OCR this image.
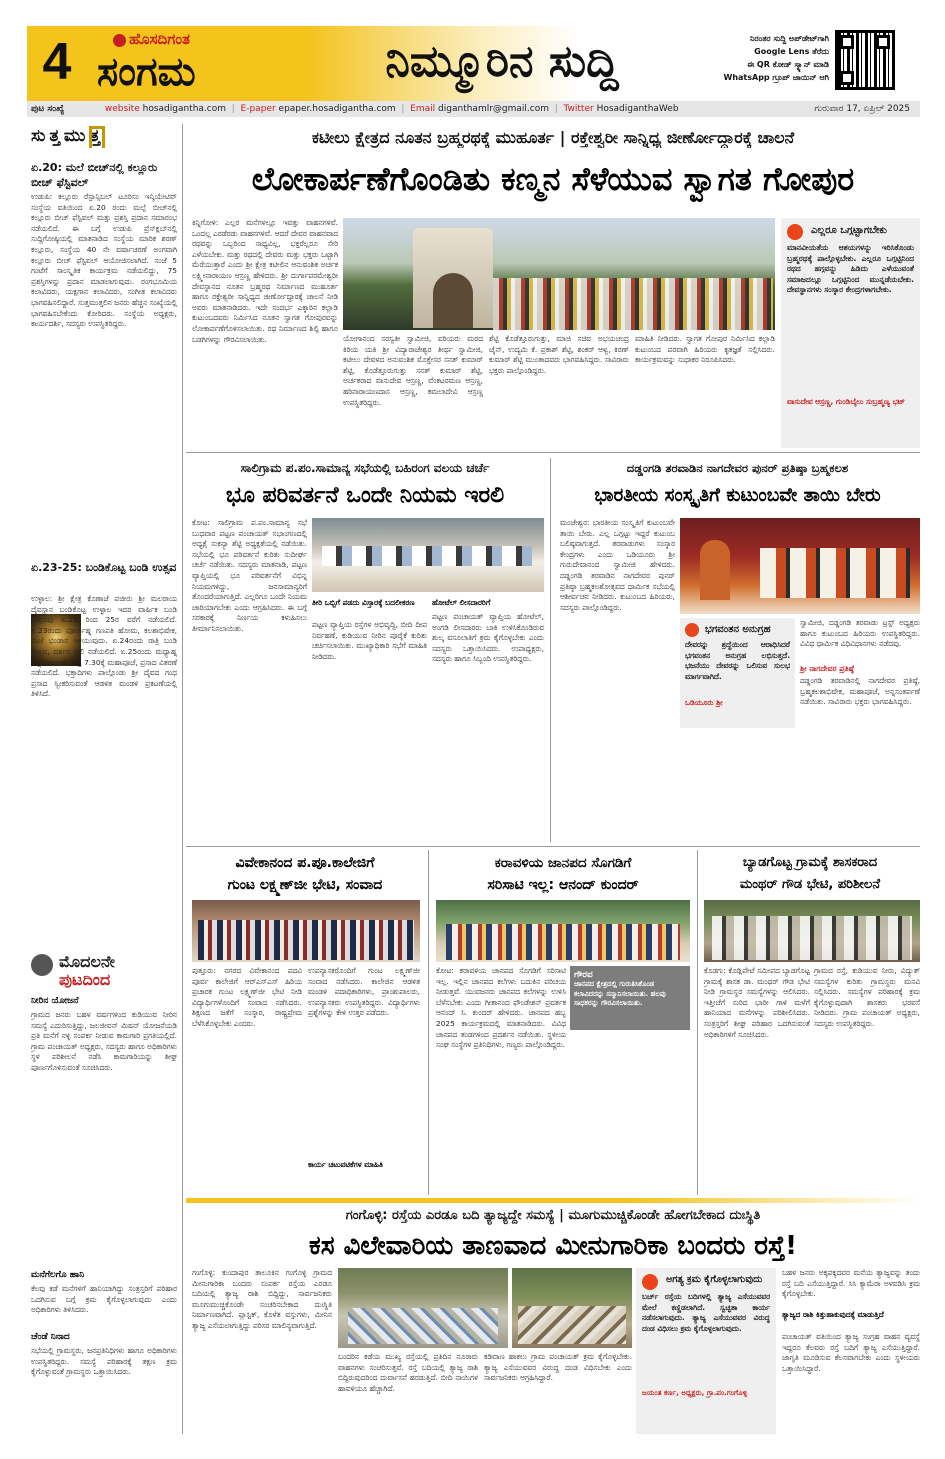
4	ಹೊಸದಿಗಂತ
ಸಂಗಮ	ನಿಮ್ಮೂರಿನ ಸುದ್ದಿ	ನಿರಂತರ ಸುದ್ದಿ ಅಪ್‌ಡೇಟ್‌ಗಾಗಿ
Google Lens ತೆರೆದು
ಈ QR ಕೋಡ್ ಸ್ಕ್ಯಾನ್ ಮಾಡಿ
WhatsApp ಗ್ರೂಪ್ ಜಾಯಿನ್ ಆಗಿ
ಪುಟ ಸಂಖ್ಯೆ	website hosadigantha.com  |  E-paper epaper.hosadigantha.com  |  Email diganthamlr@gmail.com  |  Twitter HosadiganthaWeb	ಗುರುವಾರ 17, ಏಪ್ರಿಲ್ 2025
ಸುತ್ತಮುತ್ತ
ಏ.20: ಮಲೆ ಬೀಚ್‌ನಲ್ಲಿ ಕಲ್ಲೂರು ಬೀಚ್ ಫೆಸ್ಟಿವಲ್
ಉಡುಪಿ: ಕಲ್ಲೂರು ರೆಸ್ಪಾನ್ಸಿಬಲ್ ಟೂರಿಸಂ ಇನ್ಶಿಯೇಟಿವ್ ಸಂಸ್ಥೆಯ ವತಿಯಿಂದ ಏ.20 ರಂದು ಮಲ್ಪೆ ಬೀಚ್‌ನಲ್ಲಿ ಕಲ್ಲೂರು ಬೀಚ್ ಫೆಸ್ಟಿವಲ್ ಮತ್ತು ಪ್ರಶಸ್ತಿ ಪ್ರದಾನ ಸಮಾರಂಭ ನಡೆಯಲಿದೆ. ಈ ಬಗ್ಗೆ ಉಡುಪಿ ಪ್ರೆಸ್‌ಕ್ಲಬ್‌ನಲ್ಲಿ ಸುದ್ದಿಗೋಷ್ಠಿಯಲ್ಲಿ ಮಾತನಾಡಿದ ಸಂಸ್ಥೆಯ ಮಾರಿಕ ಶರಣ್ ಕಲ್ಲೂರು, ಸಂಸ್ಥೆಯ 40 ನೇ ವರ್ಷಾಚರಣೆ ಅಂಗವಾಗಿ ಕಲ್ಲೂರು ಬೀಚ್ ಫೆಸ್ಟಿವಲ್ ಆಯೋಜಿಸಲಾಗಿದೆ. ಸಂಜೆ 5 ಗಂಟೆಗೆ ಸಾಂಸ್ಕೃತಿಕ ಕಾರ್ಯಕ್ರಮ ನಡೆಯಲಿದ್ದು, 75 ಪ್ರಶಸ್ತಿಗಳನ್ನು ಪ್ರದಾನ ಮಾಡಲಾಗುವುದು. ರಂಗಭೂಮಿಯ ಕಲಾವಿದರು, ಯಕ್ಷಗಾನ ಕಲಾವಿದರು, ಸಂಗೀತ ಕಲಾವಿದರು ಭಾಗವಹಿಸಲಿದ್ದಾರೆ. ಸುತ್ತಮುತ್ತಲಿನ ಜನರು ಹೆಚ್ಚಿನ ಸಂಖ್ಯೆಯಲ್ಲಿ ಭಾಗವಹಿಸಬೇಕೆಂದು ಕೋರಿದರು. ಸಂಸ್ಥೆಯ ಅಧ್ಯಕ್ಷರು, ಕಾರ್ಯದರ್ಶಿ, ಸದಸ್ಯರು ಉಪಸ್ಥಿತರಿದ್ದರು.
ಏ.23-25: ಬಂಡಿಕೊಟ್ಟ ಬಂಡಿ ಉತ್ಸವ
ಉಳ್ಳಾಲ: ಶ್ರೀ ಕ್ಷೇತ್ರ ಕೊಣಾಜೆ ಪಜೀರು ಶ್ರೀ ಮಲರಾಯ ದೈವಸ್ಥಾನ ಬಂಡಿಕೊಟ್ಟ ಉಳ್ಳಾಲ ಇದರ ವಾರ್ಷಿಕ ಬಂಡಿ ಉತ್ಸವವು ಏ.23 ರಿಂದ 25ರ ವರೆಗೆ ನಡೆಯಲಿದೆ. ಏ.23ರಂದು ಪೂರ್ವಾಹ್ನ ಗಣಪತಿ ಹೋಮ, ಕಲಶಾಭಿಷೇಕ, ಸಂಜೆ ಭಂಡಾರ ಇಳಿಯುವುದು. ಏ.24ರಂದು ರಾತ್ರಿ ಬಂಡಿ ಉತ್ಸವ, ದರ್ಶನ ಬಲಿ ನಡೆಯಲಿದೆ. ಏ.25ರಂದು ಮಧ್ಯಾಹ್ನ ಅನ್ನಸಂತರ್ಪಣೆ, ರಾತ್ರಿ 7.30ಕ್ಕೆ ಮಹಾಪೂಜೆ, ಪ್ರಸಾದ ವಿತರಣೆ ನಡೆಯಲಿದೆ. ಭಕ್ತಾದಿಗಳು ಪಾಲ್ಗೊಂಡು ಶ್ರೀ ದೈವದ ಗಂಧ ಪ್ರಸಾದ ಸ್ವೀಕರಿಸುವಂತೆ ಆಡಳಿತ ಮಂಡಳಿ ಪ್ರಕಟಣೆಯಲ್ಲಿ ತಿಳಿಸಿದೆ.
ಮೊದಲನೇ
ಪುಟದಿಂದ
ನೀರಿನ ಯೋಜನೆ
ಗ್ರಾಮದ ಜನರು ಬಹಳ ವರ್ಷಗಳಿಂದ ಕುಡಿಯುವ ನೀರಿನ ಸಮಸ್ಯೆ ಎದುರಿಸುತ್ತಿದ್ದು, ಜಲಜೀವನ್ ಮಿಷನ್ ಯೋಜನೆಯಡಿ ಪ್ರತಿ ಮನೆಗೆ ನಳ್ಳಿ ಸಂಪರ್ಕ ನೀಡುವ ಕಾಮಗಾರಿ ಪ್ರಗತಿಯಲ್ಲಿದೆ. ಗ್ರಾಮ ಪಂಚಾಯತ್ ಅಧ್ಯಕ್ಷರು, ಸದಸ್ಯರು ಹಾಗೂ ಅಧಿಕಾರಿಗಳು ಸ್ಥಳ ಪರಿಶೀಲನೆ ನಡೆಸಿ ಕಾಮಗಾರಿಯನ್ನು ಶೀಘ್ರ ಪೂರ್ಣಗೊಳಿಸುವಂತೆ ಸೂಚಿಸಿದರು.
ಮನೆಗೆಲಗೊ ಹಾನಿ
ಕೆಲವು ಕಡೆ ಮನೆಗಳಿಗೆ ಹಾನಿಯಾಗಿದ್ದು ಸಂತ್ರಸ್ತರಿಗೆ ಪರಿಹಾರ ಒದಗಿಸುವ ಬಗ್ಗೆ ಕ್ರಮ ಕೈಗೊಳ್ಳಲಾಗುವುದು ಎಂದು ಅಧಿಕಾರಿಗಳು ತಿಳಿಸಿದರು.
ಚೆಂಡೆ ನಿನಾದ
ಸಭೆಯಲ್ಲಿ ಗ್ರಾಮಸ್ಥರು, ಜನಪ್ರತಿನಿಧಿಗಳು ಹಾಗೂ ಅಧಿಕಾರಿಗಳು ಉಪಸ್ಥಿತರಿದ್ದರು. ಸಮಸ್ಯೆ ಪರಿಹಾರಕ್ಕೆ ತಕ್ಷಣ ಕ್ರಮ ಕೈಗೊಳ್ಳುವಂತೆ ಗ್ರಾಮಸ್ಥರು ಒತ್ತಾಯಿಸಿದರು.
ಕಟೀಲು ಕ್ಷೇತ್ರದ ನೂತನ ಬ್ರಹ್ಮರಥಕ್ಕೆ ಮುಹೂರ್ತ | ರಕ್ತೇಶ್ವರೀ ಸಾನ್ನಿಧ್ಯ ಜೀರ್ಣೋದ್ಧಾರಕ್ಕೆ ಚಾಲನೆ
ಲೋಕಾರ್ಪಣೆಗೊಂಡಿತು ಕಣ್ಮನ ಸೆಳೆಯುವ ಸ್ವಾಗತ ಗೋಪುರ
ಕಿನ್ನಿಗೋಳಿ: ಎಲ್ಲರ ಮನೆಗಳಲ್ಲೂ ಇವತ್ತು ವಾಹನಗಳಿವೆ. ಒಂದಲ್ಲ ಎರಡೆರಡು ವಾಹನಗಳಿವೆ. ಆದರೆ ದೇವರ ವಾಹನವಾದ ರಥವನ್ನು ಒಬ್ಬರಿಂದ ಸಾಧ್ಯವಿಲ್ಲ, ಭಕ್ತರೆಲ್ಲರೂ ಸೇರಿ ಎಳೆಯಬೇಕು. ಮತ್ತು ರಥದಲ್ಲಿ ದೇವರು ಮತ್ತು ಭಕ್ತರು ಒಟ್ಟಾಗಿ ಮೆರೆಯುತ್ತಾರೆ ಎಂದು ಶ್ರೀ ಕ್ಷೇತ್ರ ಕಟೀಲಿನ ಆನುವಂಶಿಕ ಅರ್ಚಕ ಲಕ್ಷ್ಮೀನಾರಾಯಣ ಆಸ್ರಣ್ಣ ಹೇಳಿದರು. ಶ್ರೀ ದುರ್ಗಾಪರಮೇಶ್ವರೀ ದೇವಸ್ಥಾನದ ನೂತನ ಬ್ರಹ್ಮರಥ ನಿರ್ಮಾಣದ ಮುಹೂರ್ತ ಹಾಗೂ ರಕ್ತೇಶ್ವರೀ ಸಾನ್ನಿಧ್ಯದ ಜೀರ್ಣೋದ್ಧಾರಕ್ಕೆ ಚಾಲನೆ ನೀಡಿ ಅವರು ಮಾತನಾಡಿದರು. ಇದೇ ಸಂದರ್ಭ ಎಕ್ಕಾರಿನ ಕಲ್ಲಾಡಿ ಕುಟುಂಬದವರು ನಿರ್ಮಿಸಿದ ನೂತನ ಸ್ವಾಗತ ಗೋಪುರವನ್ನು ಲೋಕಾರ್ಪಣೆಗೊಳಿಸಲಾಯಿತು. ರಥ ನಿರ್ಮಾಣದ ಶಿಲ್ಪಿ ಹಾಗೂ ಬಡಗಿಗಳನ್ನು ಗೌರವಿಸಲಾಯಿತು.	ಯೋಗಾನಂದ ಸರಸ್ವತೀ ಸ್ವಾಮೀಜಿ, ವರಿಯರು ಮಠದ ಕಿರಿಯ ಯತಿ ಶ್ರೀ ವಿದ್ಯಾರಾಜೇಶ್ವರ ತೀರ್ಥ ಸ್ವಾಮೀಜಿ, ಕಟೀಲು ದೇವಳದ ಅನುವಂಶಿಕ ಮೊಕ್ತೇಸರ ಸನತ್ ಕುಮಾರ್ ಶೆಟ್ಟಿ, ಕೊಡೆತ್ತೂರುಗುತ್ತು ಸನತ್ ಕುಮಾರ್ ಶೆಟ್ಟಿ, ಅರ್ಚಕರಾದ ವಾಸುದೇವ ಆಸ್ರಣ್ಣ, ವೆಂಕಟರಮಣ ಆಸ್ರಣ್ಣ, ಹರಿನಾರಾಯಣದಾಸ ಆಸ್ರಣ್ಣ, ಕಮಲಾದೇವಿ ಆಸ್ರಣ್ಣ ಉಪಸ್ಥಿತರಿದ್ದರು.
ಶೆಟ್ಟಿ ಕೊಡೆತ್ತೂರುಗುತ್ತು, ಮಾಜಿ ಸಚಿವ ಅಭಯಚಂದ್ರ ಜೈನ್, ಉದ್ಯಮಿ ಕೆ. ಪ್ರಕಾಶ್ ಶೆಟ್ಟಿ, ಶಂಕರ್ ಆಳ್ವ, ಕಿರಣ್ ಕುಮಾರ್ ಶೆಟ್ಟಿ ಮುಂತಾದವರು ಭಾಗವಹಿಸಿದ್ದರು. ಸಾವಿರಾರು ಭಕ್ತರು ಪಾಲ್ಗೊಂಡಿದ್ದರು.
ಮಾಹಿತಿ ನೀಡಿದರು. ಸ್ವಾಗತ ಗೋಪುರ ನಿರ್ಮಿಸಿದ ಕಲ್ಲಾಡಿ ಕುಟುಂಬದ ಪರವಾಗಿ ಹಿರಿಯರು ಕೃತಜ್ಞತೆ ಸಲ್ಲಿಸಿದರು. ಕಾರ್ಯಕ್ರಮವನ್ನು ಸುಧಾಕರ ನಿರೂಪಿಸಿದರು.
ಎಲ್ಲರೂ ಒಗ್ಗಟ್ಟಾಗಬೇಕು
ಮಾನವೀಯತೆಯ ಆಶಯಗಳನ್ನು ಇರಿಸಿಕೊಂಡು ಬ್ರಹ್ಮರಥಕ್ಕೆ ಪಾಲ್ಗೊಳ್ಳಬೇಕು. ಎಲ್ಲರೂ ಒಗ್ಗಟ್ಟಿನಿಂದ ರಥದ ಹಗ್ಗವನ್ನು ಹಿಡಿದು ಎಳೆಯುವಂತೆ ಸಮಾಜದಲ್ಲೂ ಒಗ್ಗಟ್ಟಿನಿಂದ ಮುನ್ನಡೆಯಬೇಕು. ದೇವಸ್ಥಾನಗಳು ಸಂಸ್ಕಾರ ಕೇಂದ್ರಗಳಾಗಬೇಕು.
ವಾಸುದೇವ ಆಸ್ರಣ್ಣ, ಗುಂಡಿಬೈಲು ಸುಬ್ರಹ್ಮಣ್ಯ ಭಟ್
ಸಾಲಿಗ್ರಾಮ ಪ.ಪಂ.ಸಾಮಾನ್ಯ ಸಭೆಯಲ್ಲಿ ಬಹಿರಂಗ ವಲಯ ಚರ್ಚೆ
ಭೂ ಪರಿವರ್ತನೆ ಒಂದೇ ನಿಯಮ ಇರಲಿ
ಕೋಟ: ಸಾಲಿಗ್ರಾಮ ಪ.ಪಂ.ಸಾಮಾನ್ಯ ಸಭೆ ಬುಧವಾರ ಪಟ್ಟಣ ಪಂಚಾಯತ್ ಸಭಾಂಗಣದಲ್ಲಿ ಅಧ್ಯಕ್ಷೆ ಸುಕನ್ಯಾ ಶೆಟ್ಟಿ ಅಧ್ಯಕ್ಷತೆಯಲ್ಲಿ ನಡೆಯಿತು. ಸಭೆಯಲ್ಲಿ ಭೂ ಪರಿವರ್ತನೆ ಕುರಿತು ಸುದೀರ್ಘ ಚರ್ಚೆ ನಡೆಯಿತು. ಸದಸ್ಯರು ಮಾತನಾಡಿ, ಪಟ್ಟಣ ವ್ಯಾಪ್ತಿಯಲ್ಲಿ ಭೂ ಪರಿವರ್ತನೆಗೆ ವಿಭಿನ್ನ ನಿಯಮಗಳಿದ್ದು, ಜನಸಾಮಾನ್ಯರಿಗೆ ತೊಂದರೆಯಾಗುತ್ತಿದೆ. ಎಲ್ಲರಿಗೂ ಒಂದೇ ನಿಯಮ ಜಾರಿಯಾಗಬೇಕು ಎಂದು ಆಗ್ರಹಿಸಿದರು. ಈ ಬಗ್ಗೆ ಸರಕಾರಕ್ಕೆ ನಿರ್ಣಯ ಕಳುಹಿಸಲು ತೀರ್ಮಾನಿಸಲಾಯಿತು.
ತೀರಿ ಒಬ್ಬಿಗೆ ಪಡದು ವಿಸ್ತಾರಕ್ಕೆ ಬದಲೀಕರಣ
ಪಟ್ಟಣ ವ್ಯಾಪ್ತಿಯ ರಸ್ತೆಗಳ ಅಭಿವೃದ್ಧಿ, ಬೀದಿ ದೀಪ ನಿರ್ವಹಣೆ, ಕುಡಿಯುವ ನೀರಿನ ಪೂರೈಕೆ ಕುರಿತು ಚರ್ಚಿಸಲಾಯಿತು. ಮುಖ್ಯಾಧಿಕಾರಿ ಸಭೆಗೆ ಮಾಹಿತಿ ನೀಡಿದರು.
ಹೋಟೆಲ್ ಲೀಸದಾರರಿಗೆ
ಪಟ್ಟಣ ಪಂಚಾಯತ್ ವ್ಯಾಪ್ತಿಯ ಹೋಟೆಲ್, ಅಂಗಡಿ ಲೀಸದಾರರು ಬಾಕಿ ಉಳಿಸಿಕೊಂಡಿರುವ ಶುಲ್ಕ ವಸೂಲಾತಿಗೆ ಕ್ರಮ ಕೈಗೊಳ್ಳಬೇಕು ಎಂದು ಸದಸ್ಯರು ಒತ್ತಾಯಿಸಿದರು. ಉಪಾಧ್ಯಕ್ಷರು, ಸದಸ್ಯರು ಹಾಗೂ ಸಿಬ್ಬಂದಿ ಉಪಸ್ಥಿತರಿದ್ದರು.
ದಡ್ಡಂಗಡಿ ತರವಾಡಿನ ನಾಗದೇವರ ಪುನರ್ ಪ್ರತಿಷ್ಠಾ ಬ್ರಹ್ಮಕಲಶ
ಭಾರತೀಯ ಸಂಸ್ಕೃತಿಗೆ ಕುಟುಂಬವೇ ತಾಯಿ ಬೇರು
ಮಂಜೇಶ್ವರ: ಭಾರತೀಯ ಸಂಸ್ಕೃತಿಗೆ ಕುಟುಂಬವೇ ತಾಯಿ ಬೇರು. ಎಲ್ಲ ಒಗ್ಗಟ್ಟು ಇದ್ದರೆ ಕುಟುಂಬ ಬಲಿಷ್ಠವಾಗುತ್ತದೆ. ತರವಾಡುಗಳು ಸಂಸ್ಕಾರ ಕೇಂದ್ರಗಳು ಎಂದು ಒಡಿಯೂರು ಶ್ರೀ ಗುರುದೇವಾನಂದ ಸ್ವಾಮೀಜಿ ಹೇಳಿದರು. ದಡ್ಡಂಗಡಿ ತರವಾಡಿನ ನಾಗದೇವರ ಪುನರ್ ಪ್ರತಿಷ್ಠಾ ಬ್ರಹ್ಮಕಲಶೋತ್ಸವದ ಧಾರ್ಮಿಕ ಸಭೆಯಲ್ಲಿ ಆಶೀರ್ವಚನ ನೀಡಿದರು. ಕುಟುಂಬದ ಹಿರಿಯರು, ಸದಸ್ಯರು ಪಾಲ್ಗೊಂಡಿದ್ದರು.
ಭಗವಂತನ ಅನುಗ್ರಹ
ದೇವರನ್ನು ಶ್ರದ್ಧೆಯಿಂದ ಆರಾಧಿಸಿದರೆ ಭಗವಂತನ ಅನುಗ್ರಹ ಲಭಿಸುತ್ತದೆ. ಭಜನೆಯು ದೇವರನ್ನು ಒಲಿಸುವ ಸುಲಭ ಮಾರ್ಗವಾಗಿದೆ.
ಒಡಿಯೂರು ಶ್ರೀ
ಸ್ವಾಮೀಜಿ, ದಡ್ಡಂಗಡಿ ತರವಾಡು ಟ್ರಸ್ಟ್ ಅಧ್ಯಕ್ಷರು ಹಾಗೂ ಕುಟುಂಬದ ಹಿರಿಯರು ಉಪಸ್ಥಿತರಿದ್ದರು. ವಿವಿಧ ಧಾರ್ಮಿಕ ವಿಧಿವಿಧಾನಗಳು ನಡೆದವು.
ಶ್ರೀ ನಾಗದೇವರ ಪ್ರತಿಷ್ಠೆ
ದಡ್ಡಂಗಡಿ ತರವಾಡಿನಲ್ಲಿ ನಾಗದೇವರ ಪ್ರತಿಷ್ಠೆ, ಬ್ರಹ್ಮಕಲಶಾಭಿಷೇಕ, ಮಹಾಪೂಜೆ, ಅನ್ನಸಂತರ್ಪಣೆ ನಡೆಯಿತು. ಸಾವಿರಾರು ಭಕ್ತರು ಭಾಗವಹಿಸಿದ್ದರು.
ವಿವೇಕಾನಂದ ಪ.ಪೂ.ಕಾಲೇಜಿಗೆ
ಗುಂಟ ಲಕ್ಷ್ಮಣ್‌ಜೀ ಭೇಟಿ, ಸಂವಾದ
ಪುತ್ತೂರು: ನಗರದ ವಿವೇಕಾನಂದ ಪದವಿ ಪೂರ್ವ ಕಾಲೇಜಿಗೆ ಆರ್‌ಎಸ್‌ಎಸ್ ಹಿರಿಯ ಪ್ರಚಾರಕ ಗುಂಟ ಲಕ್ಷ್ಮಣ್‌ಜೀ ಭೇಟಿ ನೀಡಿ ವಿದ್ಯಾರ್ಥಿಗಳೊಂದಿಗೆ ಸಂವಾದ ನಡೆಸಿದರು. ಶಿಕ್ಷಣದ ಜತೆಗೆ ಸಂಸ್ಕಾರ, ರಾಷ್ಟ್ರಪ್ರೇಮ ಬೆಳೆಸಿಕೊಳ್ಳಬೇಕು ಎಂದರು.
ಉಪನ್ಯಾಸಕರೊಂದಿಗೆ ಗುಂಟ ಲಕ್ಷ್ಮಣ್‌ಜೀ ಸಂವಾದ ನಡೆಸಿದರು. ಕಾಲೇಜಿನ ಆಡಳಿತ ಮಂಡಳಿ ಪದಾಧಿಕಾರಿಗಳು, ಪ್ರಾಂಶುಪಾಲರು, ಉಪನ್ಯಾಸಕರು ಉಪಸ್ಥಿತರಿದ್ದರು. ವಿದ್ಯಾರ್ಥಿಗಳು ಪ್ರಶ್ನೆಗಳನ್ನು ಕೇಳಿ ಉತ್ತರ ಪಡೆದರು.
ಕಾರ್ಯ ಚಟುವಟಿಕೆಗಳ ಮಾಹಿತಿ
ಕರಾವಳಿಯ ಜಾನಪದ ಸೊಗಡಿಗೆ
ಸರಿಸಾಟಿ ಇಲ್ಲ: ಆನಂದ್ ಕುಂದರ್
ಕೋಟ: ಕರಾವಳಿಯ ಜಾನಪದ ಸೊಗಡಿಗೆ ಸರಿಸಾಟಿ ಇಲ್ಲ. ಇಲ್ಲಿನ ಜಾನಪದ ಕಲೆಗಳು ಬದುಕಿನ ಪರಿಚಯ ನೀಡುತ್ತವೆ. ಯುವಜನರು ಜಾನಪದ ಕಲೆಗಳನ್ನು ಉಳಿಸಿ ಬೆಳೆಸಬೇಕು ಎಂದು ಗೀತಾನಂದ ಫೌಂಡೇಶನ್ ಪ್ರವರ್ತಕ ಆನಂದ್ ಸಿ. ಕುಂದರ್ ಹೇಳಿದರು. ಜಾನಪದ ಹಬ್ಬ 2025 ಕಾರ್ಯಕ್ರಮದಲ್ಲಿ ಮಾತನಾಡಿದರು. ವಿವಿಧ ಜಾನಪದ ತಂಡಗಳಿಂದ ಪ್ರದರ್ಶನ ನಡೆಯಿತು. ಸ್ಥಳೀಯ ಸಂಘ ಸಂಸ್ಥೆಗಳ ಪ್ರತಿನಿಧಿಗಳು, ಗಣ್ಯರು ಪಾಲ್ಗೊಂಡಿದ್ದರು.
ಗೌರವ
ಜಾನಪದ ಕ್ಷೇತ್ರದಲ್ಲಿ ಗುರುತಿಸಿಕೊಂಡ ಕಲಾವಿದರನ್ನು ಸನ್ಮಾನಿಸಲಾಯಿತು. ಹಲವು ಸಾಧಕರನ್ನು ಗೌರವಿಸಲಾಯಿತು.
ಬ್ಯಾಡಗೊಟ್ಟ ಗ್ರಾಮಕ್ಕೆ ಶಾಸಕರಾದ
ಮಂಥರ್ ಗೌಡ ಭೇಟಿ, ಪರಿಶೀಲನೆ
ಕೊಡಗು: ಕೊಡ್ಲಿಪೇಟೆ ಸಮೀಪದ ಬ್ಯಾಡಗೊಟ್ಟ ಗ್ರಾಮಕ್ಕೆ ಶಾಸಕ ಡಾ. ಮಂಥರ್ ಗೌಡ ಭೇಟಿ ನೀಡಿ ಗ್ರಾಮಸ್ಥರ ಸಮಸ್ಯೆಗಳನ್ನು ಆಲಿಸಿದರು. ಇತ್ತೀಚೆಗೆ ಸುರಿದ ಭಾರೀ ಗಾಳಿ ಮಳೆಗೆ ಹಾನಿಯಾದ ಮನೆಗಳನ್ನು ಪರಿಶೀಲಿಸಿದರು. ಸಂತ್ರಸ್ತರಿಗೆ ಶೀಘ್ರ ಪರಿಹಾರ ಒದಗಿಸುವಂತೆ ಅಧಿಕಾರಿಗಳಿಗೆ ಸೂಚಿಸಿದರು.
ಗ್ರಾಮದ ರಸ್ತೆ, ಕುಡಿಯುವ ನೀರು, ವಿದ್ಯುತ್ ಸಮಸ್ಯೆಗಳ ಕುರಿತು ಗ್ರಾಮಸ್ಥರು ಮನವಿ ಸಲ್ಲಿಸಿದರು. ಸಮಸ್ಯೆಗಳ ಪರಿಹಾರಕ್ಕೆ ಕ್ರಮ ಕೈಗೊಳ್ಳುವುದಾಗಿ ಶಾಸಕರು ಭರವಸೆ ನೀಡಿದರು. ಗ್ರಾಮ ಪಂಚಾಯತ್ ಅಧ್ಯಕ್ಷರು, ಸದಸ್ಯರು ಉಪಸ್ಥಿತರಿದ್ದರು.
ಗಂಗೊಳ್ಳಿ: ರಸ್ತೆಯ ಎರಡೂ ಬದಿ ತ್ಯಾಜ್ಯದ್ದೇ ಸಮಸ್ಯೆ | ಮೂಗುಮುಚ್ಚಿಕೊಂಡೇ ಹೋಗಬೇಕಾದ ದುಃಸ್ಥಿತಿ
ಕಸ ವಿಲೇವಾರಿಯ ತಾಣವಾದ ಮೀನುಗಾರಿಕಾ ಬಂದರು ರಸ್ತೆ!
ಗಂಗೊಳ್ಳಿ: ಕುಂದಾಪುರ ತಾಲೂಕಿನ ಗಂಗೊಳ್ಳಿ ಗ್ರಾಮದ ಮೀನುಗಾರಿಕಾ ಬಂದರು ಸಂಪರ್ಕ ರಸ್ತೆಯ ಎರಡೂ ಬದಿಯಲ್ಲಿ ತ್ಯಾಜ್ಯ ರಾಶಿ ಬಿದ್ದಿದ್ದು, ಸಾರ್ವಜನಿಕರು ಮೂಗುಮುಚ್ಚಿಕೊಂಡೇ ಸಂಚರಿಸಬೇಕಾದ ದುಃಸ್ಥಿತಿ ನಿರ್ಮಾಣವಾಗಿದೆ. ಪ್ಲಾಸ್ಟಿಕ್, ಕೊಳೆತ ವಸ್ತುಗಳು, ಮೀನಿನ ತ್ಯಾಜ್ಯ ಎಸೆಯಲಾಗುತ್ತಿದ್ದು ಪರಿಸರ ಮಾಲಿನ್ಯವಾಗುತ್ತಿದೆ.
ಬಂದರಿನ ಕಡೆಯ ಮುಖ್ಯ ರಸ್ತೆಯಲ್ಲಿ ಪ್ರತಿದಿನ ನೂರಾರು ವಾಹನಗಳು ಸಂಚರಿಸುತ್ತವೆ. ರಸ್ತೆ ಬದಿಯಲ್ಲಿ ತ್ಯಾಜ್ಯ ರಾಶಿ ಬಿದ್ದಿರುವುದರಿಂದ ದುರ್ವಾಸನೆ ಹರಡುತ್ತಿದೆ. ಬೀದಿ ನಾಯಿಗಳ ಹಾವಳಿಯೂ ಹೆಚ್ಚಾಗಿದೆ.
ಕಡಿವಾಣ ಹಾಕಲು ಗ್ರಾಮ ಪಂಚಾಯತ್ ಕ್ರಮ ಕೈಗೊಳ್ಳಬೇಕು. ತ್ಯಾಜ್ಯ ಎಸೆಯುವವರ ವಿರುದ್ಧ ದಂಡ ವಿಧಿಸಬೇಕು ಎಂದು ಸಾರ್ವಜನಿಕರು ಆಗ್ರಹಿಸಿದ್ದಾರೆ.
ಅಗತ್ಯ ಕ್ರಮ ಕೈಗೊಳ್ಳಲಾಗುವುದು
ಬರ್ಚ್ ರಸ್ತೆಯ ಬದಿಗಳಲ್ಲಿ ತ್ಯಾಜ್ಯ ಎಸೆಯುವವರ ಮೇಲೆ ಕಣ್ಣಿಡಲಾಗಿದೆ. ಸ್ವಚ್ಛತಾ ಕಾರ್ಯ ನಡೆಸಲಾಗುವುದು. ತ್ಯಾಜ್ಯ ಎಸೆಯುವವರ ವಿರುದ್ಧ ದಂಡ ವಿಧಿಸಲು ಕ್ರಮ ಕೈಗೊಳ್ಳಲಾಗುವುದು.
ಜಯಂತ ಕರ್ಣ, ಅಧ್ಯಕ್ಷರು, ಗ್ರಾ.ಪಂ.ಗಂಗೊಳ್ಳಿ
ಬಹಳ ಜನರು ಅಕ್ಕಪಕ್ಕದವರ ಮನೆಯ ತ್ಯಾಜ್ಯವನ್ನು ತಂದು ರಸ್ತೆ ಬದಿ ಎಸೆಯುತ್ತಿದ್ದಾರೆ. ಸಿಸಿ ಕ್ಯಾಮೆರಾ ಅಳವಡಿಸಿ ಕ್ರಮ ಕೈಗೊಳ್ಳಬೇಕು.
ತ್ಯಾಜ್ಯದ ರಾಶಿ ಕಿತ್ತುಹಾಕುವುದಕ್ಕೆ ಮಾಡುತ್ತಿದೆ
ಪಂಚಾಯತ್ ವತಿಯಿಂದ ತ್ಯಾಜ್ಯ ಸಂಗ್ರಹ ವಾಹನ ವ್ಯವಸ್ಥೆ ಇದ್ದರೂ ಕೆಲವರು ರಸ್ತೆ ಬದಿಗೆ ತ್ಯಾಜ್ಯ ಎಸೆಯುತ್ತಿದ್ದಾರೆ. ಜಾಗೃತಿ ಮೂಡಿಸುವ ಕೆಲಸವಾಗಬೇಕು ಎಂದು ಸ್ಥಳೀಯರು ಒತ್ತಾಯಿಸಿದ್ದಾರೆ.
